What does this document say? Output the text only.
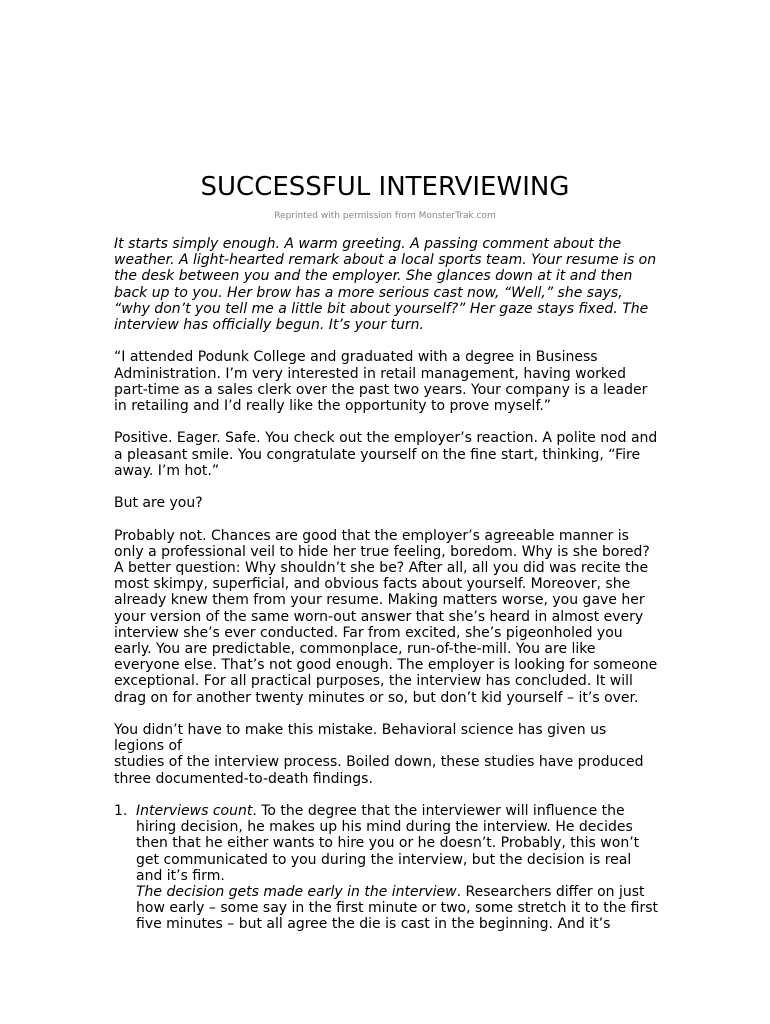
SUCCESSFUL INTERVIEWING
Reprinted with permission from MonsterTrak.com

It starts simply enough. A warm greeting. A passing comment about the weather. A light-hearted remark about a local sports team. Your resume is on the desk between you and the employer. She glances down at it and then back up to you. Her brow has a more serious cast now, “Well,” she says, “why don’t you tell me a little bit about yourself?” Her gaze stays fixed. The interview has officially begun. It’s your turn.

“I attended Podunk College and graduated with a degree in Business Administration. I’m very interested in retail management, having worked part-time as a sales clerk over the past two years. Your company is a leader in retailing and I’d really like the opportunity to prove myself.”

Positive. Eager. Safe. You check out the employer’s reaction. A polite nod and a pleasant smile. You congratulate yourself on the fine start, thinking, “Fire away. I’m hot.”

But are you?

Probably not. Chances are good that the employer’s agreeable manner is only a professional veil to hide her true feeling, boredom. Why is she bored? A better question: Why shouldn’t she be? After all, all you did was recite the most skimpy, superficial, and obvious facts about yourself. Moreover, she already knew them from your resume. Making matters worse, you gave her your version of the same worn-out answer that she’s heard in almost every interview she’s ever conducted. Far from excited, she’s pigeonholed you early. You are predictable, commonplace, run-of-the-mill. You are like everyone else. That’s not good enough. The employer is looking for someone exceptional. For all practical purposes, the interview has concluded. It will drag on for another twenty minutes or so, but don’t kid yourself – it’s over.

You didn’t have to make this mistake. Behavioral science has given us legions of
studies of the interview process. Boiled down, these studies have produced three documented-to-death findings.

1. Interviews count. To the degree that the interviewer will influence the hiring decision, he makes up his mind during the interview. He decides then that he either wants to hire you or he doesn’t. Probably, this won’t get communicated to you during the interview, but the decision is real and it’s firm.

The decision gets made early in the interview. Researchers differ on just how early – some say in the first minute or two, some stretch it to the first five minutes – but all agree the die is cast in the beginning. And it’s
